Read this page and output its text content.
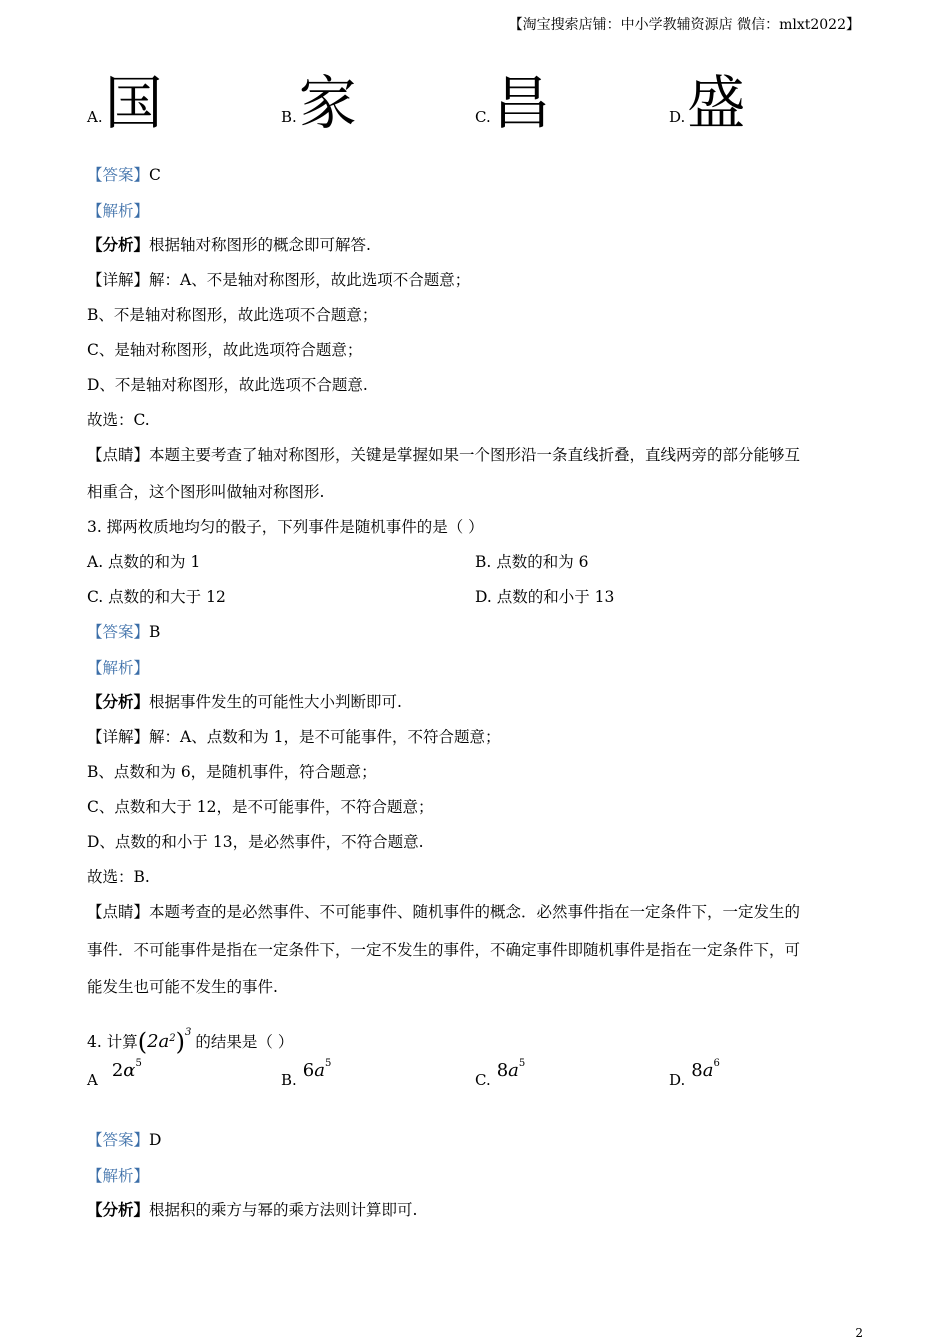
【淘宝搜索店铺：中小学教辅资源店 微信：mlxt2022】
A. 国	B. 家	C. 昌	D. 盛
【答案】C
【解析】
【分析】根据轴对称图形的概念即可解答.
【详解】解：A、不是轴对称图形，故此选项不合题意；
B、不是轴对称图形，故此选项不合题意；
C、是轴对称图形，故此选项符合题意；
D、不是轴对称图形，故此选项不合题意.
故选：C.
【点睛】本题主要考查了轴对称图形，关键是掌握如果一个图形沿一条直线折叠，直线两旁的部分能够互
相重合，这个图形叫做轴对称图形.
3. 掷两枚质地均匀的骰子，下列事件是随机事件的是（ ）
A. 点数的和为 1	B. 点数的和为 6
C. 点数的和大于 12	D. 点数的和小于 13
【答案】B
【解析】
【分析】根据事件发生的可能性大小判断即可.
【详解】解：A、点数和为 1，是不可能事件，不符合题意；
B、点数和为 6，是随机事件，符合题意；
C、点数和大于 12，是不可能事件，不符合题意；
D、点数的和小于 13，是必然事件，不符合题意.
故选：B.
【点睛】本题考查的是必然事件、不可能事件、随机事件的概念．必然事件指在一定条件下，一定发生的
事件．不可能事件是指在一定条件下，一定不发生的事件，不确定事件即随机事件是指在一定条件下，可
能发生也可能不发生的事件.
4. 计算$(2a^2)^3$的结果是（ ）
A $2\alpha^5$
B. $6a^5$
C. $8a^5$
D. $8a^6$
【答案】D
【解析】
【分析】根据积的乘方与幂的乘方法则计算即可.
2
